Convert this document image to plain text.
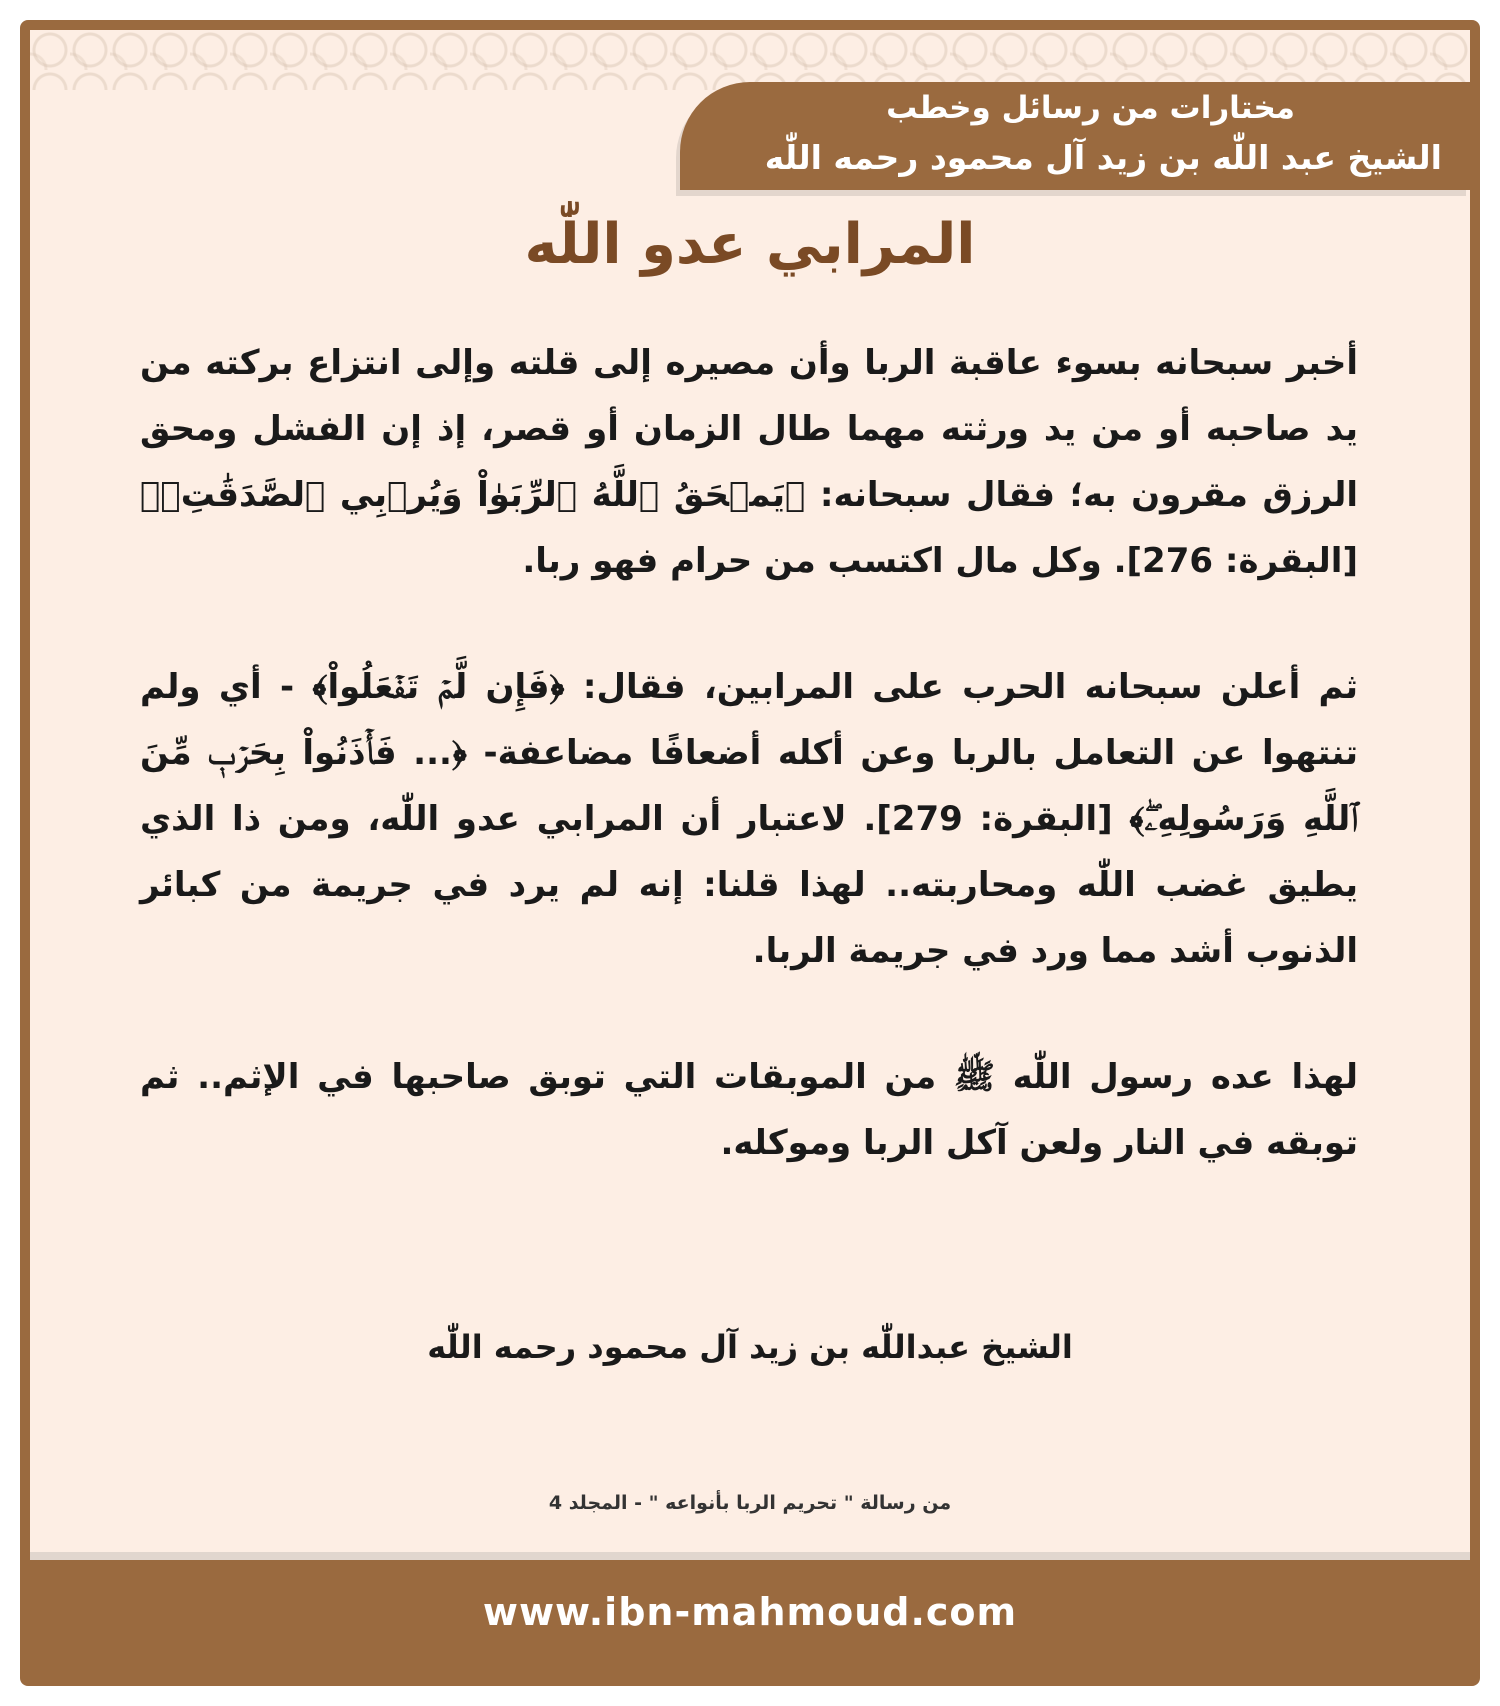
مختارات من رسائل وخطب
الشيخ عبد اللّٰه بن زيد آل محمود رحمه اللّٰه
المرابي عدو اللّٰه

أخبر سبحانه بسوء عاقبة الربا وأن مصيره إلى قلته وإلى انتزاع بركته من يد صاحبه أو من يد ورثته مهما طال الزمان أو قصر، إذ إن الفشل ومحق الرزق مقرون به؛ فقال سبحانه: ﴿يَمۡحَقُ ٱللَّهُ ٱلرِّبَوٰاْ وَيُرۡبِي ٱلصَّدَقَٰتِۗ﴾ [البقرة: 276]. وكل مال اكتسب من حرام فهو ربا.

ثم أعلن سبحانه الحرب على المرابين، فقال: ﴿فَإِن لَّمۡ تَفۡعَلُواْ﴾ - أي ولم تنتهوا عن التعامل بالربا وعن أكله أضعافًا مضاعفة- ﴿... فَأۡذَنُواْ بِحَرۡبٖ مِّنَ ٱللَّهِ وَرَسُولِهِۦۖ﴾ [البقرة: 279]. لاعتبار أن المرابي عدو اللّٰه، ومن ذا الذي يطيق غضب اللّٰه ومحاربته.. لهذا قلنا: إنه لم يرد في جريمة من كبائر الذنوب أشد مما ورد في جريمة الربا.

لهذا عده رسول اللّٰه ﷺ من الموبقات التي توبق صاحبها في الإثم.. ثم توبقه في النار ولعن آكل الربا وموكله.

الشيخ عبداللّٰه بن زيد آل محمود رحمه اللّٰه
من رسالة " تحريم الربا بأنواعه " - المجلد 4
www.ibn-mahmoud.com
